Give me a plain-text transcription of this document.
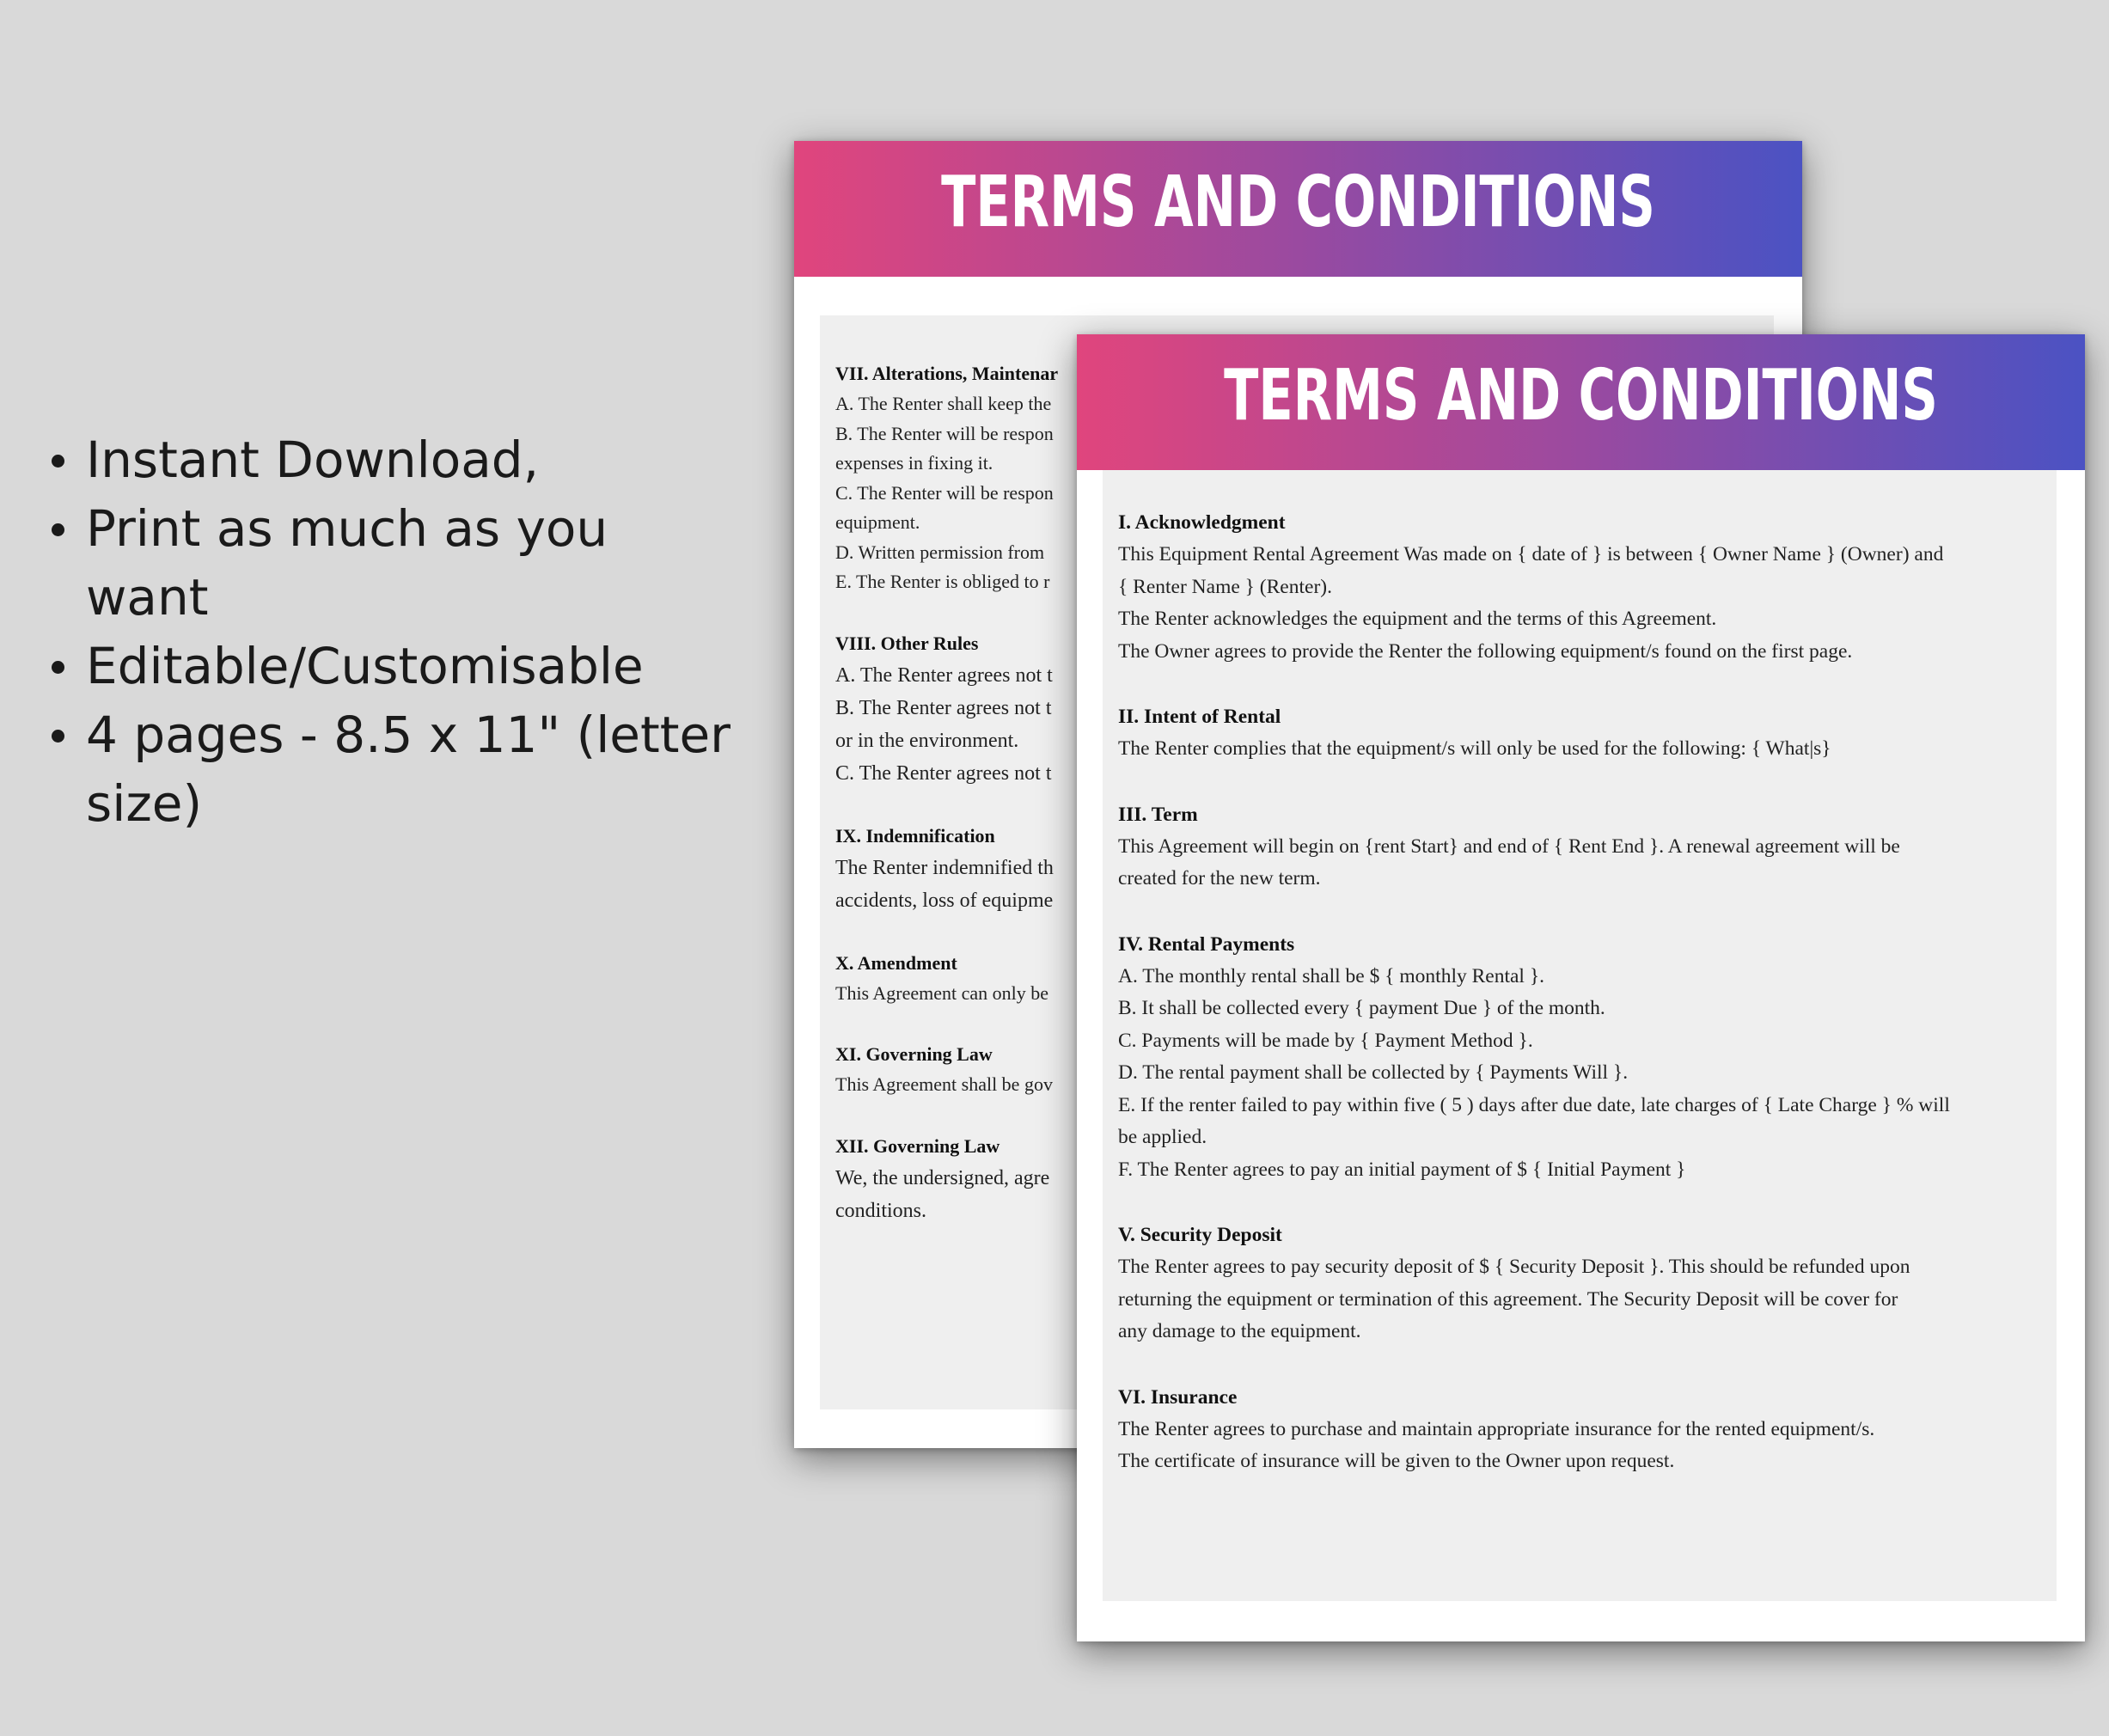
Instant Download,
Print as much as you want
Editable/Customisable
4 pages - 8.5 x 11" (letter
size)
TERMS AND CONDITIONS
VII. Alterations, Maintenar
A. The Renter shall keep the
B. The Renter will be respon
expenses in fixing it.
C. The Renter will be respon
equipment.
D. Written permission from
E. The Renter is obliged to r
VIII. Other Rules
A. The Renter agrees not t
B. The Renter agrees not t
or in the environment.
C. The Renter agrees not t
IX. Indemnification
The Renter indemnified th
accidents, loss of equipme
X. Amendment
This Agreement can only be
XI. Governing Law
This Agreement shall be gov
XII. Governing Law
We, the undersigned, agre
conditions.
TERMS AND CONDITIONS
I. Acknowledgment
This Equipment Rental Agreement Was made on { date of } is between { Owner Name } (Owner) and
{ Renter Name } (Renter).
The Renter acknowledges the equipment and the terms of this Agreement.
The Owner agrees to provide the Renter the following equipment/s found on the first page.
II. Intent of Rental
The Renter complies that the equipment/s will only be used for the following: { What|s}
III. Term
This Agreement will begin on {rent Start} and end of { Rent End }. A renewal agreement will be
created for the new term.
IV. Rental Payments
A. The monthly rental shall be $ { monthly Rental }.
B. It shall be collected every { payment Due } of the month.
C. Payments will be made by { Payment Method }.
D. The rental payment shall be collected by { Payments Will }.
E. If the renter failed to pay within five ( 5 ) days after due date, late charges of { Late Charge } % will
be applied.
F. The Renter agrees to pay an initial payment of $ { Initial Payment }
V. Security Deposit
The Renter agrees to pay security deposit of $ { Security Deposit }. This should be refunded upon
returning the equipment or termination of this agreement. The Security Deposit will be cover for
any damage to the equipment.
VI. Insurance
The Renter agrees to purchase and maintain appropriate insurance for the rented equipment/s.
The certificate of insurance will be given to the Owner upon request.
